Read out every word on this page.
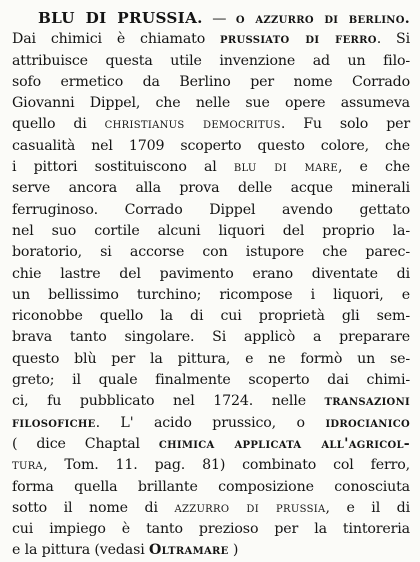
BLU DI PRUSSIA. — o azzurro di berlino.
Dai chimici è chiamato prussiato di ferro. Si
attribuisce questa utile invenzione ad un filo-
sofo ermetico da Berlino per nome Corrado
Giovanni Dippel, che nelle sue opere assumeva
quello di christianus democritus. Fu solo per
casualità nel 1709 scoperto questo colore, che
i pittori sostituiscono al blu di mare, e che
serve ancora alla prova delle acque minerali
ferruginoso. Corrado Dippel avendo gettato
nel suo cortile alcuni liquori del proprio la-
boratorio, si accorse con istupore che parec-
chie lastre del pavimento erano diventate di
un bellissimo turchino; ricompose i liquori, e
riconobbe quello la di cui proprietà gli sem-
brava tanto singolare. Si applicò a preparare
questo blù per la pittura, e ne formò un se-
greto; il quale finalmente scoperto dai chimi-
ci, fu pubblicato nel 1724. nelle transazioni
filosofiche. L' acido prussico, o idrocianico
( dice Chaptal chimica applicata all'agricol-
tura, Tom. 11. pag. 81) combinato col ferro,
forma quella brillante composizione conosciuta
sotto il nome di azzurro di prussia, e il di
cui impiego è tanto prezioso per la tintoreria
e la pittura (vedasi Oltramare )
